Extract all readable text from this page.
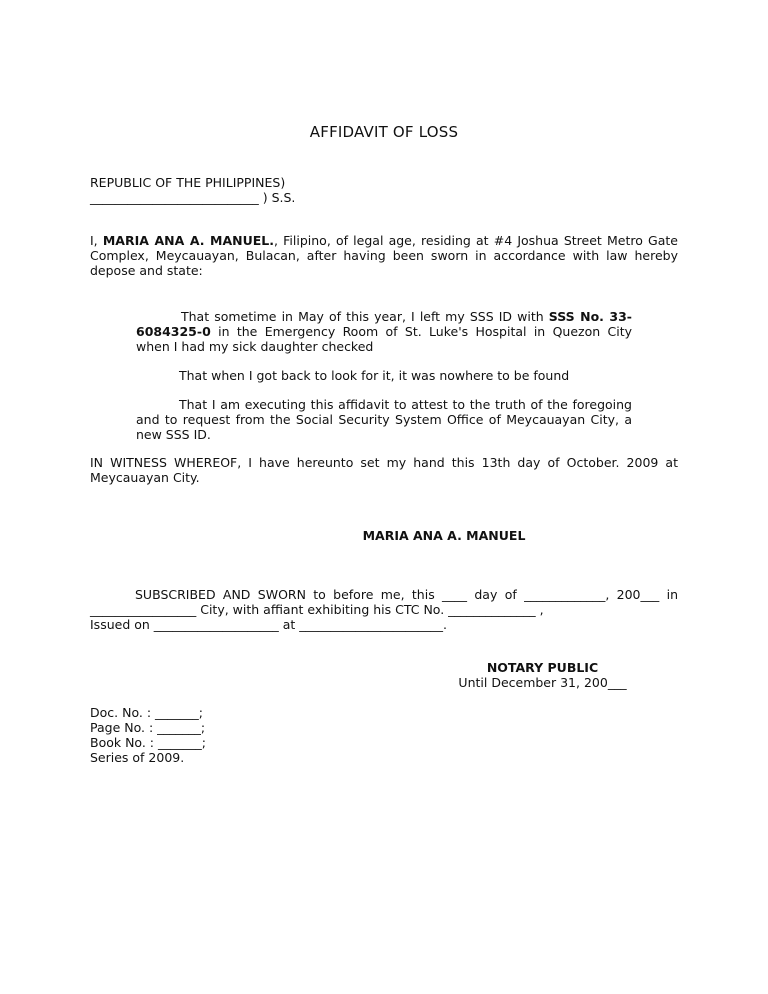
AFFIDAVIT OF LOSS
REPUBLIC OF THE PHILIPPINES)
___________________________ ) S.S.
I, MARIA ANA A. MANUEL., Filipino, of legal age, residing at #4 Joshua Street Metro Gate Complex, Meycauayan, Bulacan, after having been sworn in accordance with law hereby depose and state:
That sometime in May of this year, I left my SSS ID with SSS No. 33-6084325-0 in the Emergency Room of St. Luke's Hospital in Quezon City when I had my sick daughter checked
That when I got back to look for it, it was nowhere to be found
That I am executing this affidavit to attest to the truth of the foregoing and to request from the Social Security System Office of Meycauayan City, a new SSS ID.
IN WITNESS WHEREOF, I have hereunto set my hand this 13th day of October. 2009 at Meycauayan City.
MARIA ANA A. MANUEL
SUBSCRIBED AND SWORN to before me, this ____ day of _____________, 200___ in _________________ City, with affiant exhibiting his CTC No. ______________ ,
Issued on ____________________ at _______________________.
NOTARY PUBLIC
Until December 31, 200___
Doc. No. : _______;
Page No. : _______;
Book No. : _______;
Series of 2009.
